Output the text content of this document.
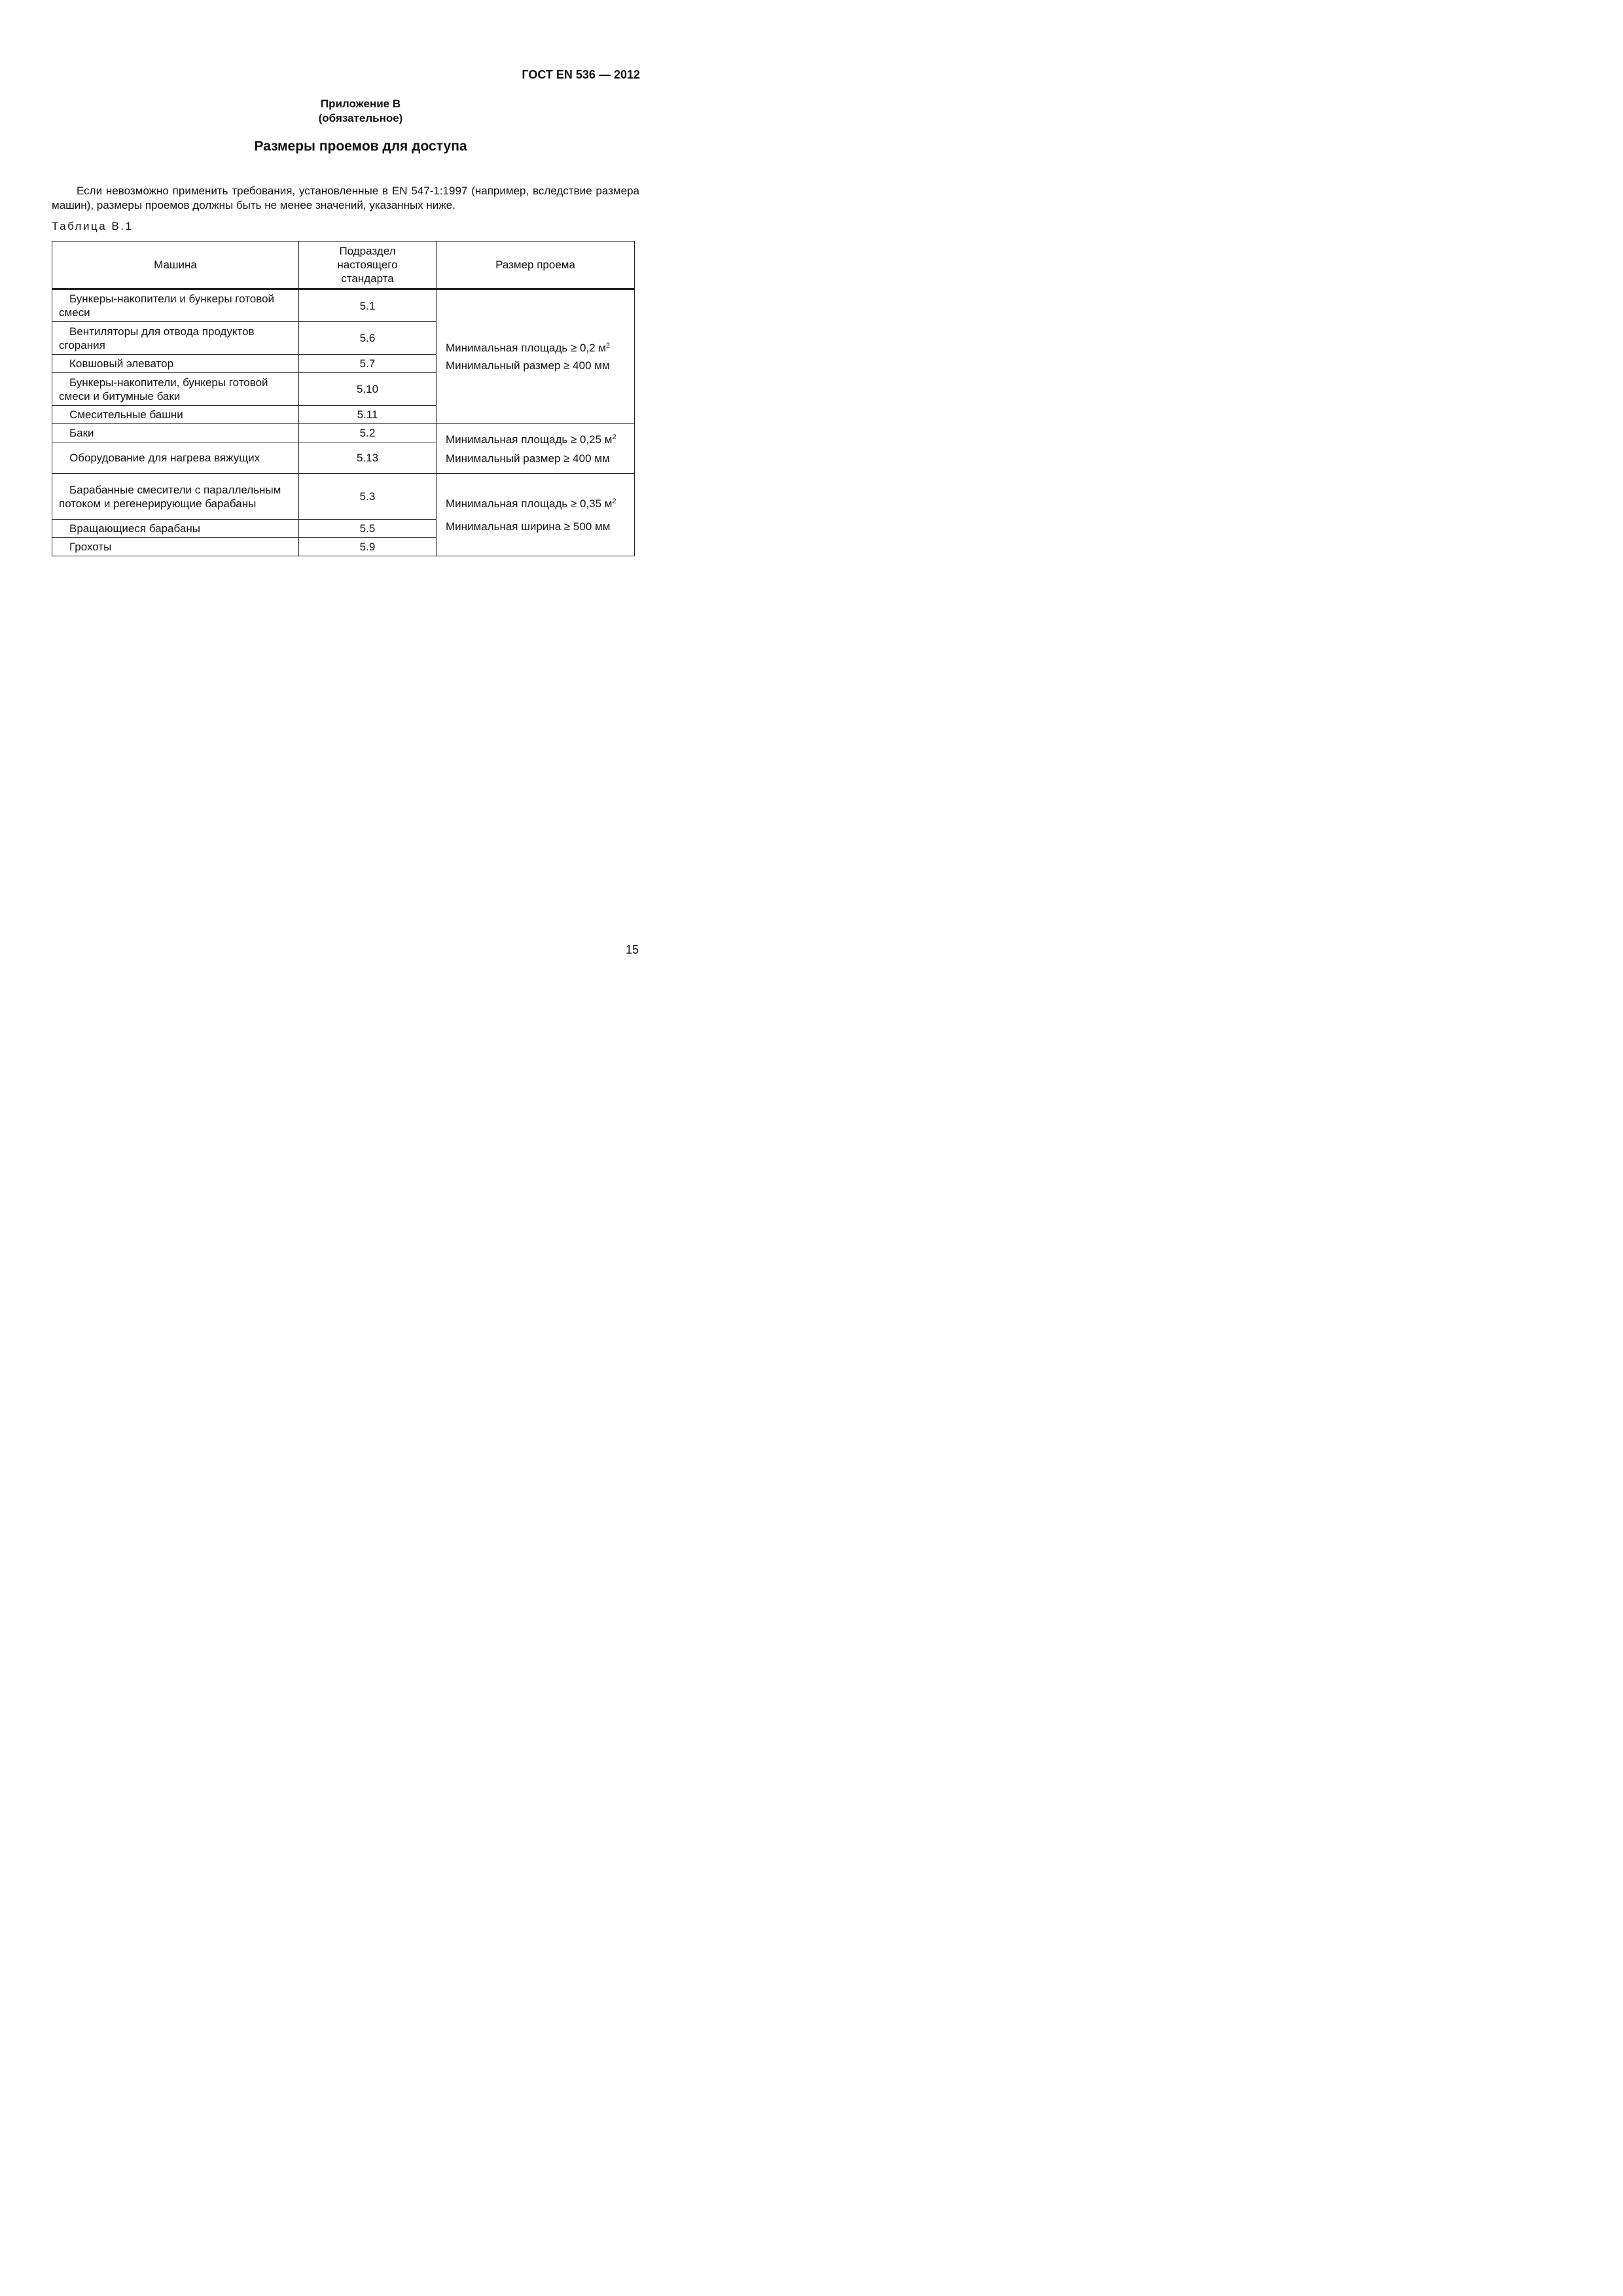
ГОСТ EN 536 — 2012
Приложение В
(обязательное)
Размеры проемов для доступа

Если невозможно применить требования, установленные в EN 547-1:1997 (например, вследствие размера машин), размеры проемов должны быть не менее значений, указанных ниже.

Таблица В.1
Машина	Подраздел настоящего стандарта	Размер проема
Бункеры-накопители и бункеры готовой смеси	5.1	Минимальная площадь ≥ 0,2 $м^2$
Минимальный размер ≥ 400 мм

Вентиляторы для отвода продуктов сгорания	5.6	
Ковшовый элеватор	5.7	
Бункеры-накопители, бункеры готовой смеси и битумные баки	5.10	
Смесительные башни	5.11	
Баки	5.2	Минимальная площадь ≥ 0,25 $м^2$
Минимальный размер ≥ 400 мм

Оборудование для нагрева вяжущих	5.13	
Барабанные смесители с параллельным потоком и регенерирующие барабаны	5.3	Минимальная площадь ≥ 0,35 $м^2$
Минимальная ширина ≥ 500 мм

Вращающиеся барабаны	5.5	
Грохоты	5.9	
15
